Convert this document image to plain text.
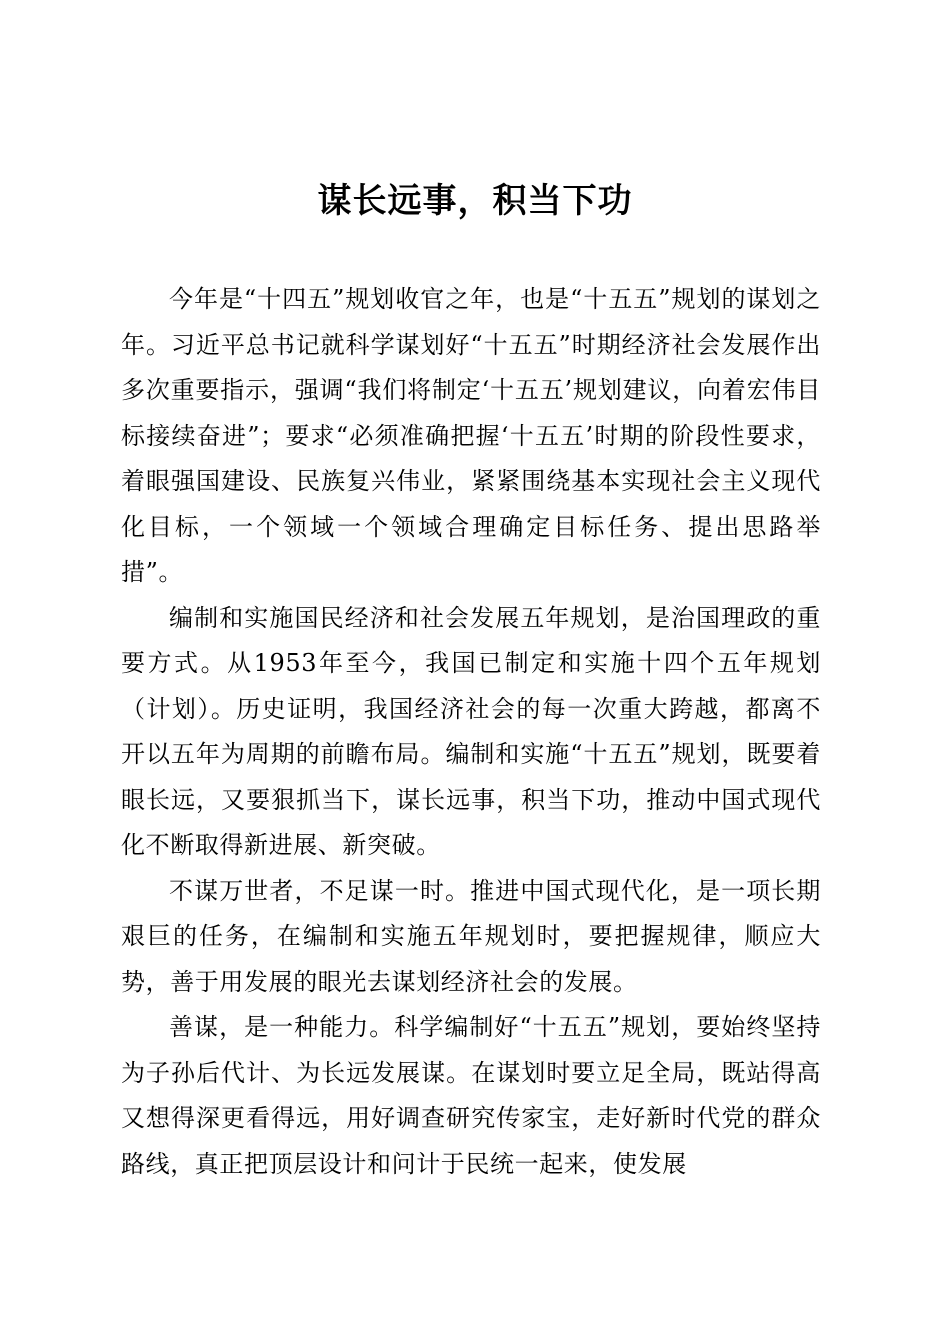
谋长远事，积当下功

今年是“十四五”规划收官之年，也是“十五五”规划的谋划之年。习近平总书记就科学谋划好“十五五”时期经济社会发展作出多次重要指示，强调“我们将制定‘十五五’规划建议，向着宏伟目标接续奋进”；要求“必须准确把握‘十五五’时期的阶段性要求，着眼强国建设、民族复兴伟业，紧紧围绕基本实现社会主义现代化目标，一个领域一个领域合理确定目标任务、提出思路举措”。

编制和实施国民经济和社会发展五年规划，是治国理政的重要方式。从1953年至今，我国已制定和实施十四个五年规划（计划）。历史证明，我国经济社会的每一次重大跨越，都离不开以五年为周期的前瞻布局。编制和实施“十五五”规划，既要着眼长远，又要狠抓当下，谋长远事，积当下功，推动中国式现代化不断取得新进展、新突破。

不谋万世者，不足谋一时。推进中国式现代化，是一项长期艰巨的任务，在编制和实施五年规划时，要把握规律，顺应大势，善于用发展的眼光去谋划经济社会的发展。

善谋，是一种能力。科学编制好“十五五”规划，要始终坚持为子孙后代计、为长远发展谋。在谋划时要立足全局，既站得高又想得深更看得远，用好调查研究传家宝，走好新时代党的群众路线，真正把顶层设计和问计于民统一起来，使发展
